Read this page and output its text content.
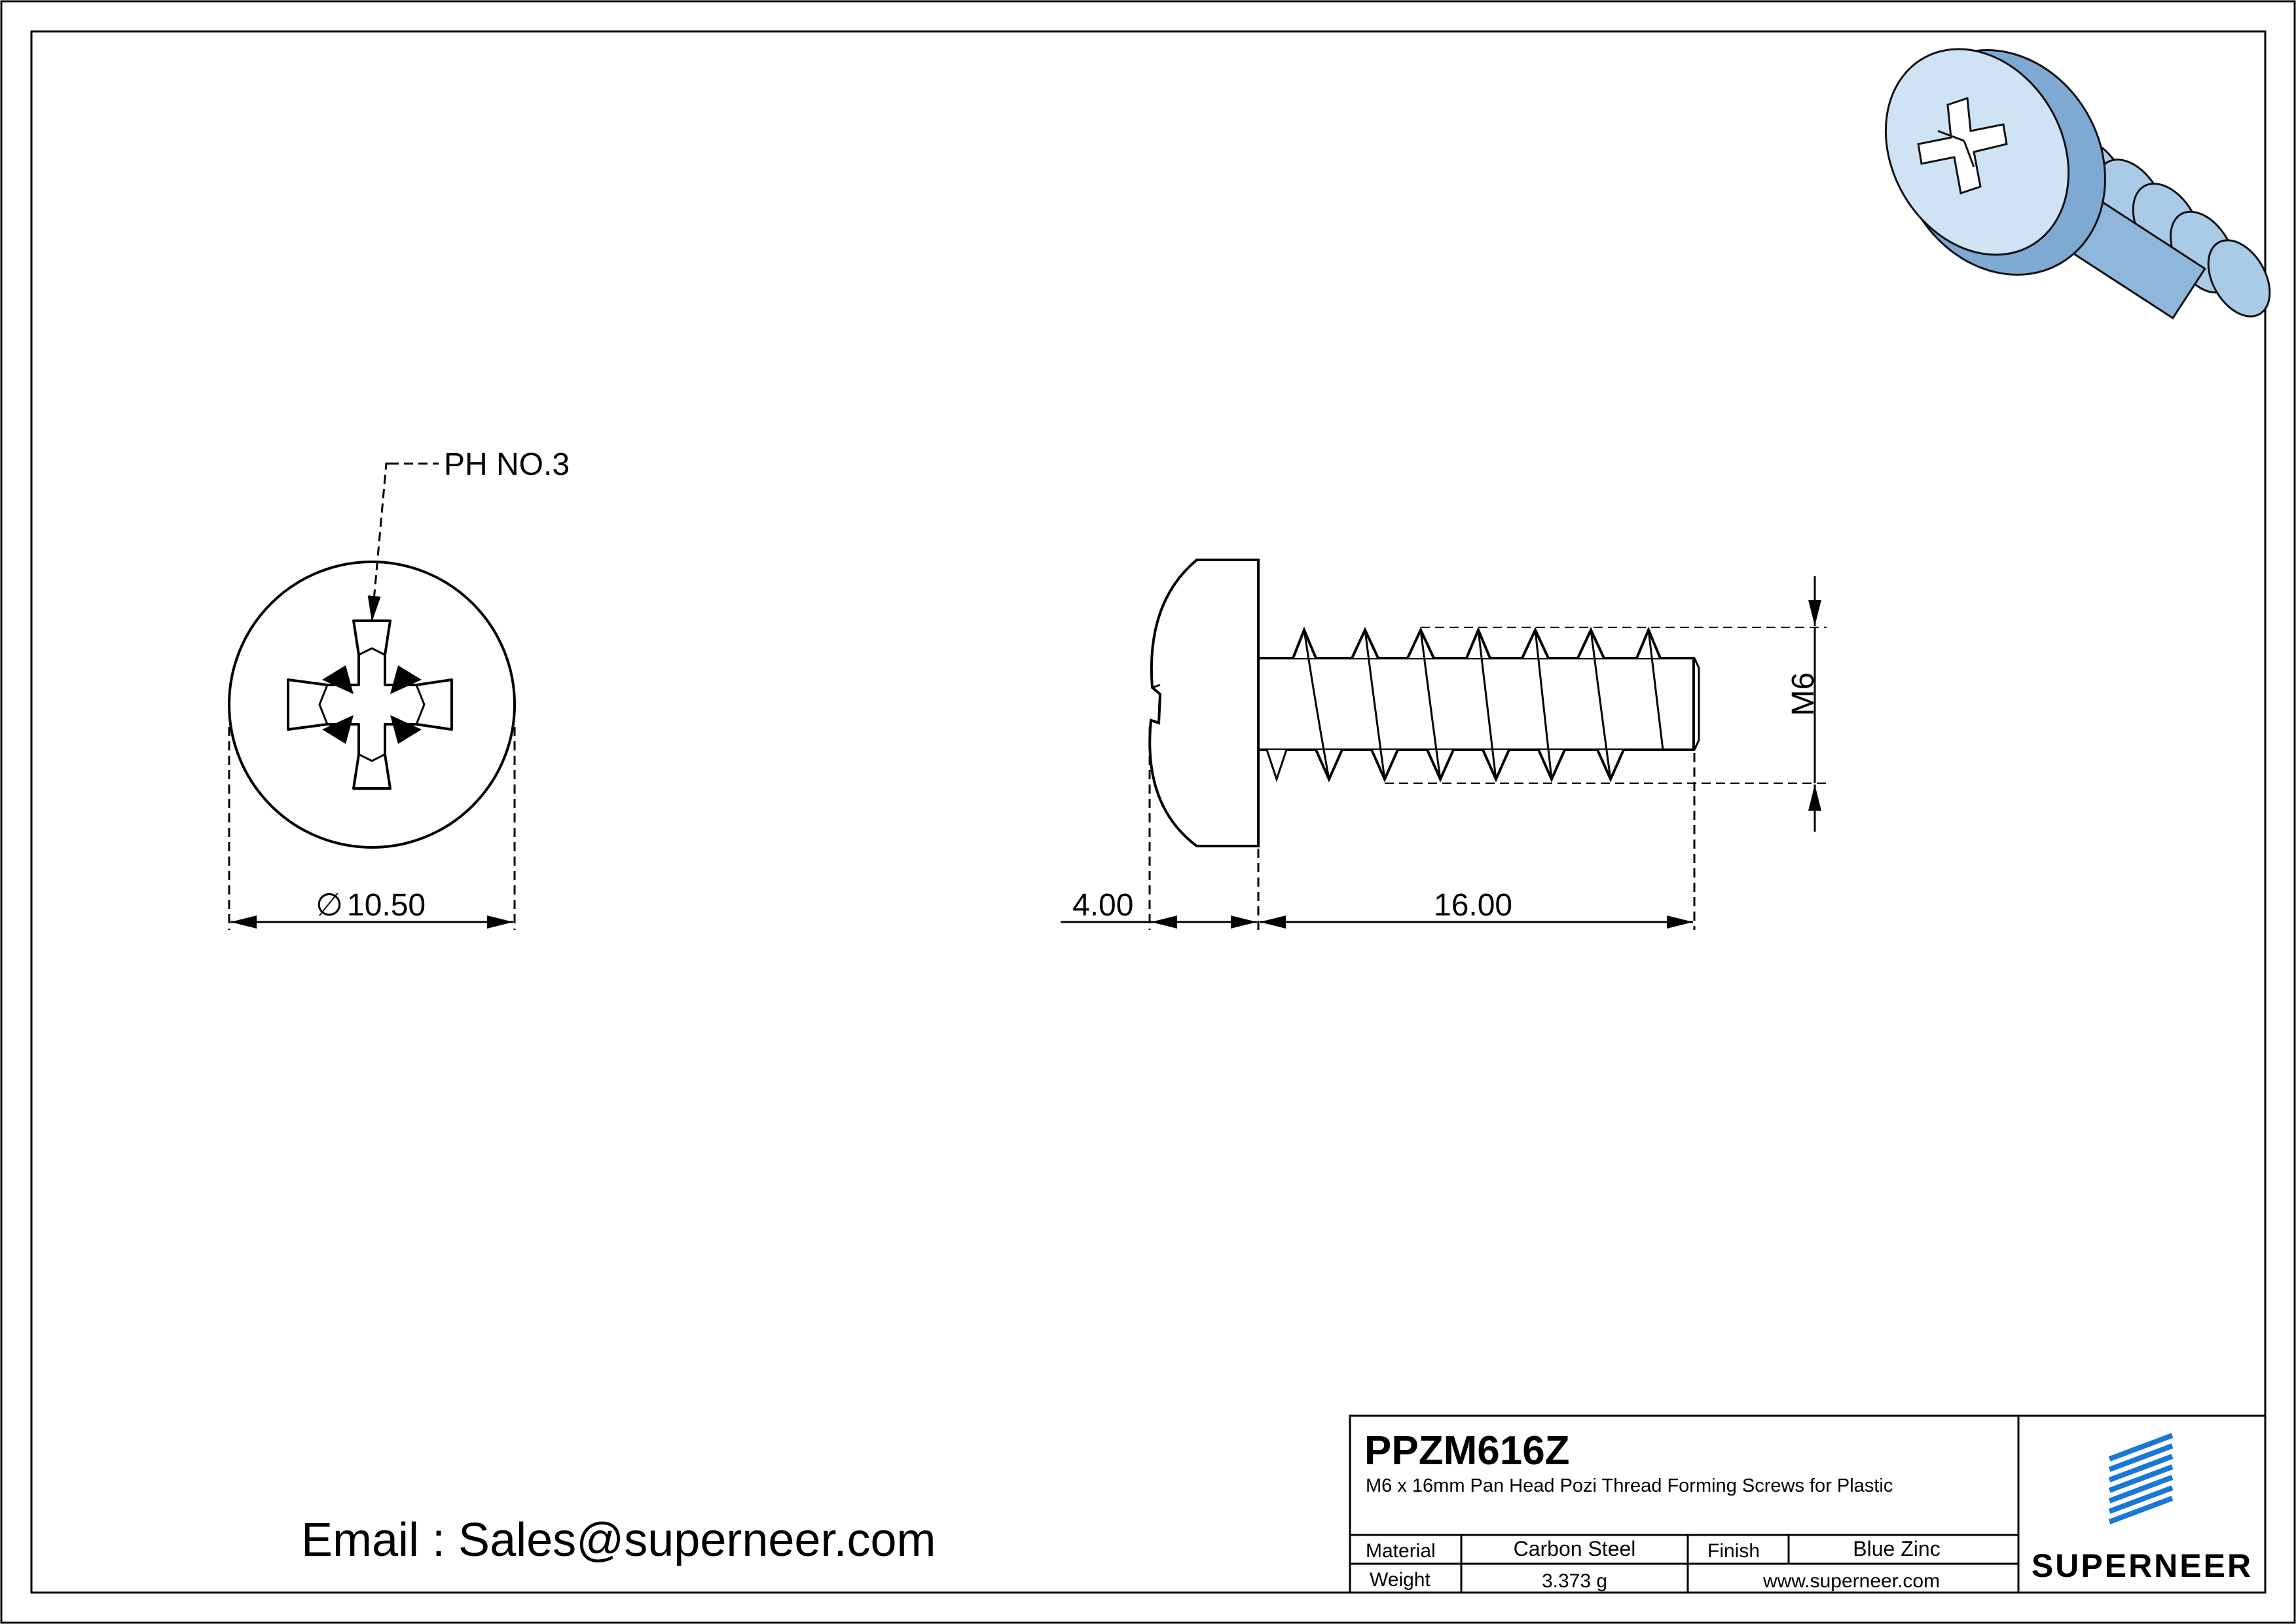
PH NO.3
∅ 10.50
M6
4.00	16.00
Email : Sales@superneer.com
PPZM616Z
M6 x 16mm Pan Head Pozi Thread Forming Screws for Plastic
Material	Carbon Steel	Finish	Blue Zinc
Weight	3.373 g	www.superneer.com	SUPERNEER
